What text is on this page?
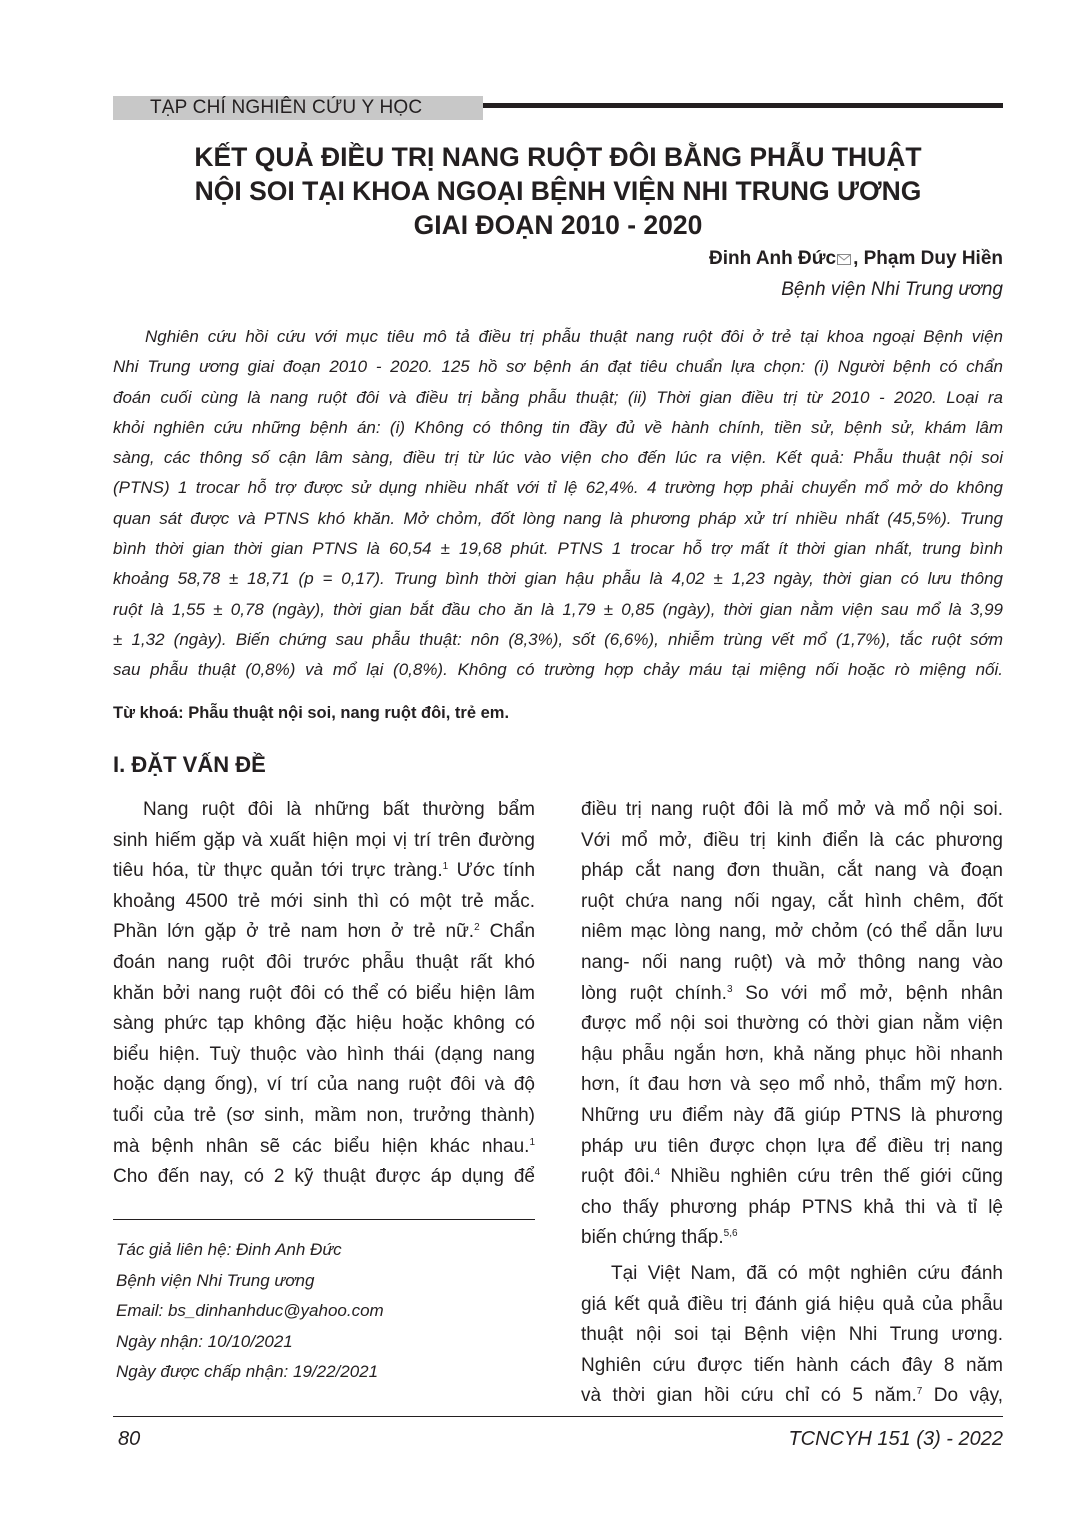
TẠP CHÍ NGHIÊN CỨU Y HỌC
KẾT QUẢ ĐIỀU TRỊ NANG RUỘT ĐÔI BẰNG PHẪU THUẬT
NỘI SOI TẠI KHOA NGOẠI BỆNH VIỆN NHI TRUNG ƯƠNG
GIAI ĐOẠN 2010 - 2020
Đinh Anh Đức , Phạm Duy Hiền
Bệnh viện Nhi Trung ương
Nghiên cứu hồi cứu với mục tiêu mô tả điều trị phẫu thuật nang ruột đôi ở trẻ tại khoa ngoại Bệnh viện
Nhi Trung ương giai đoạn 2010 - 2020. 125 hồ sơ bệnh án đạt tiêu chuẩn lựa chọn: (i) Người bệnh có chẩn
đoán cuối cùng là nang ruột đôi và điều trị bằng phẫu thuật; (ii) Thời gian điều trị từ 2010 - 2020. Loại ra
khỏi nghiên cứu những bệnh án: (i) Không có thông tin đầy đủ về hành chính, tiền sử, bệnh sử, khám lâm
sàng, các thông số cận lâm sàng, điều trị từ lúc vào viện cho đến lúc ra viện. Kết quả: Phẫu thuật nội soi
(PTNS) 1 trocar hỗ trợ được sử dụng nhiều nhất với tỉ lệ 62,4%. 4 trường hợp phải chuyển mổ mở do không
quan sát được và PTNS khó khăn. Mở chỏm, đốt lòng nang là phương pháp xử trí nhiều nhất (45,5%). Trung
bình thời gian thời gian PTNS là 60,54 ± 19,68 phút. PTNS 1 trocar hỗ trợ mất ít thời gian nhất, trung bình
khoảng 58,78 ± 18,71 (p = 0,17). Trung bình thời gian hậu phẫu là 4,02 ± 1,23 ngày, thời gian có lưu thông
ruột là 1,55 ± 0,78 (ngày), thời gian bắt đầu cho ăn là 1,79 ± 0,85 (ngày), thời gian nằm viện sau mổ là 3,99
± 1,32 (ngày). Biến chứng sau phẫu thuật: nôn (8,3%), sốt (6,6%), nhiễm trùng vết mổ (1,7%), tắc ruột sớm
sau phẫu thuật (0,8%) và mổ lại (0,8%). Không có trường hợp chảy máu tại miệng nối hoặc rò miệng nối.
Từ khoá: Phẫu thuật nội soi, nang ruột đôi, trẻ em.
I. ĐẶT VẤN ĐỀ
Nang ruột đôi là những bất thường bẩm
sinh hiếm gặp và xuất hiện mọi vị trí trên đường
tiêu hóa, từ thực quản tới trực tràng.$^1$ Ước tính
khoảng 4500 trẻ mới sinh thì có một trẻ mắc.
Phần lớn gặp ở trẻ nam hơn ở trẻ nữ.$^2$ Chẩn
đoán nang ruột đôi trước phẫu thuật rất khó
khăn bởi nang ruột đôi có thể có biểu hiện lâm
sàng phức tạp không đặc hiệu hoặc không có
biểu hiện. Tuỳ thuộc vào hình thái (dạng nang
hoặc dạng ống), ví trí của nang ruột đôi và độ
tuổi của trẻ (sơ sinh, mầm non, trưởng thành)
mà bệnh nhân sẽ các biểu hiện khác nhau.$^1$
Cho đến nay, có 2 kỹ thuật được áp dụng để
điều trị nang ruột đôi là mổ mở và mổ nội soi.
Với mổ mở, điều trị kinh điển là các phương
pháp cắt nang đơn thuần, cắt nang và đoạn
ruột chứa nang nối ngay, cắt hình chêm, đốt
niêm mạc lòng nang, mở chỏm (có thể dẫn lưu
nang- nối nang ruột) và mở thông nang vào
lòng ruột chính.$^3$ So với mổ mở, bệnh nhân
được mổ nội soi thường có thời gian nằm viện
hậu phẫu ngắn hơn, khả năng phục hồi nhanh
hơn, ít đau hơn và sẹo mổ nhỏ, thẩm mỹ hơn.
Những ưu điểm này đã giúp PTNS là phương
pháp ưu tiên được chọn lựa để điều trị nang
ruột đôi.$^4$ Nhiều nghiên cứu trên thế giới cũng
cho thấy phương pháp PTNS khả thi và tỉ lệ
biến chứng thấp.$^{5,6}$
Tại Việt Nam, đã có một nghiên cứu đánh
giá kết quả điều trị đánh giá hiệu quả của phẫu
thuật nội soi tại Bệnh viện Nhi Trung ương.
Nghiên cứu được tiến hành cách đây 8 năm
và thời gian hồi cứu chỉ có 5 năm.$^7$ Do vậy,
Tác giả liên hệ: Đinh Anh Đức
Bệnh viện Nhi Trung ương
Email: bs_dinhanhduc@yahoo.com
Ngày nhận: 10/10/2021
Ngày được chấp nhận: 19/22/2021
80	TCNCYH 151 (3) - 2022
